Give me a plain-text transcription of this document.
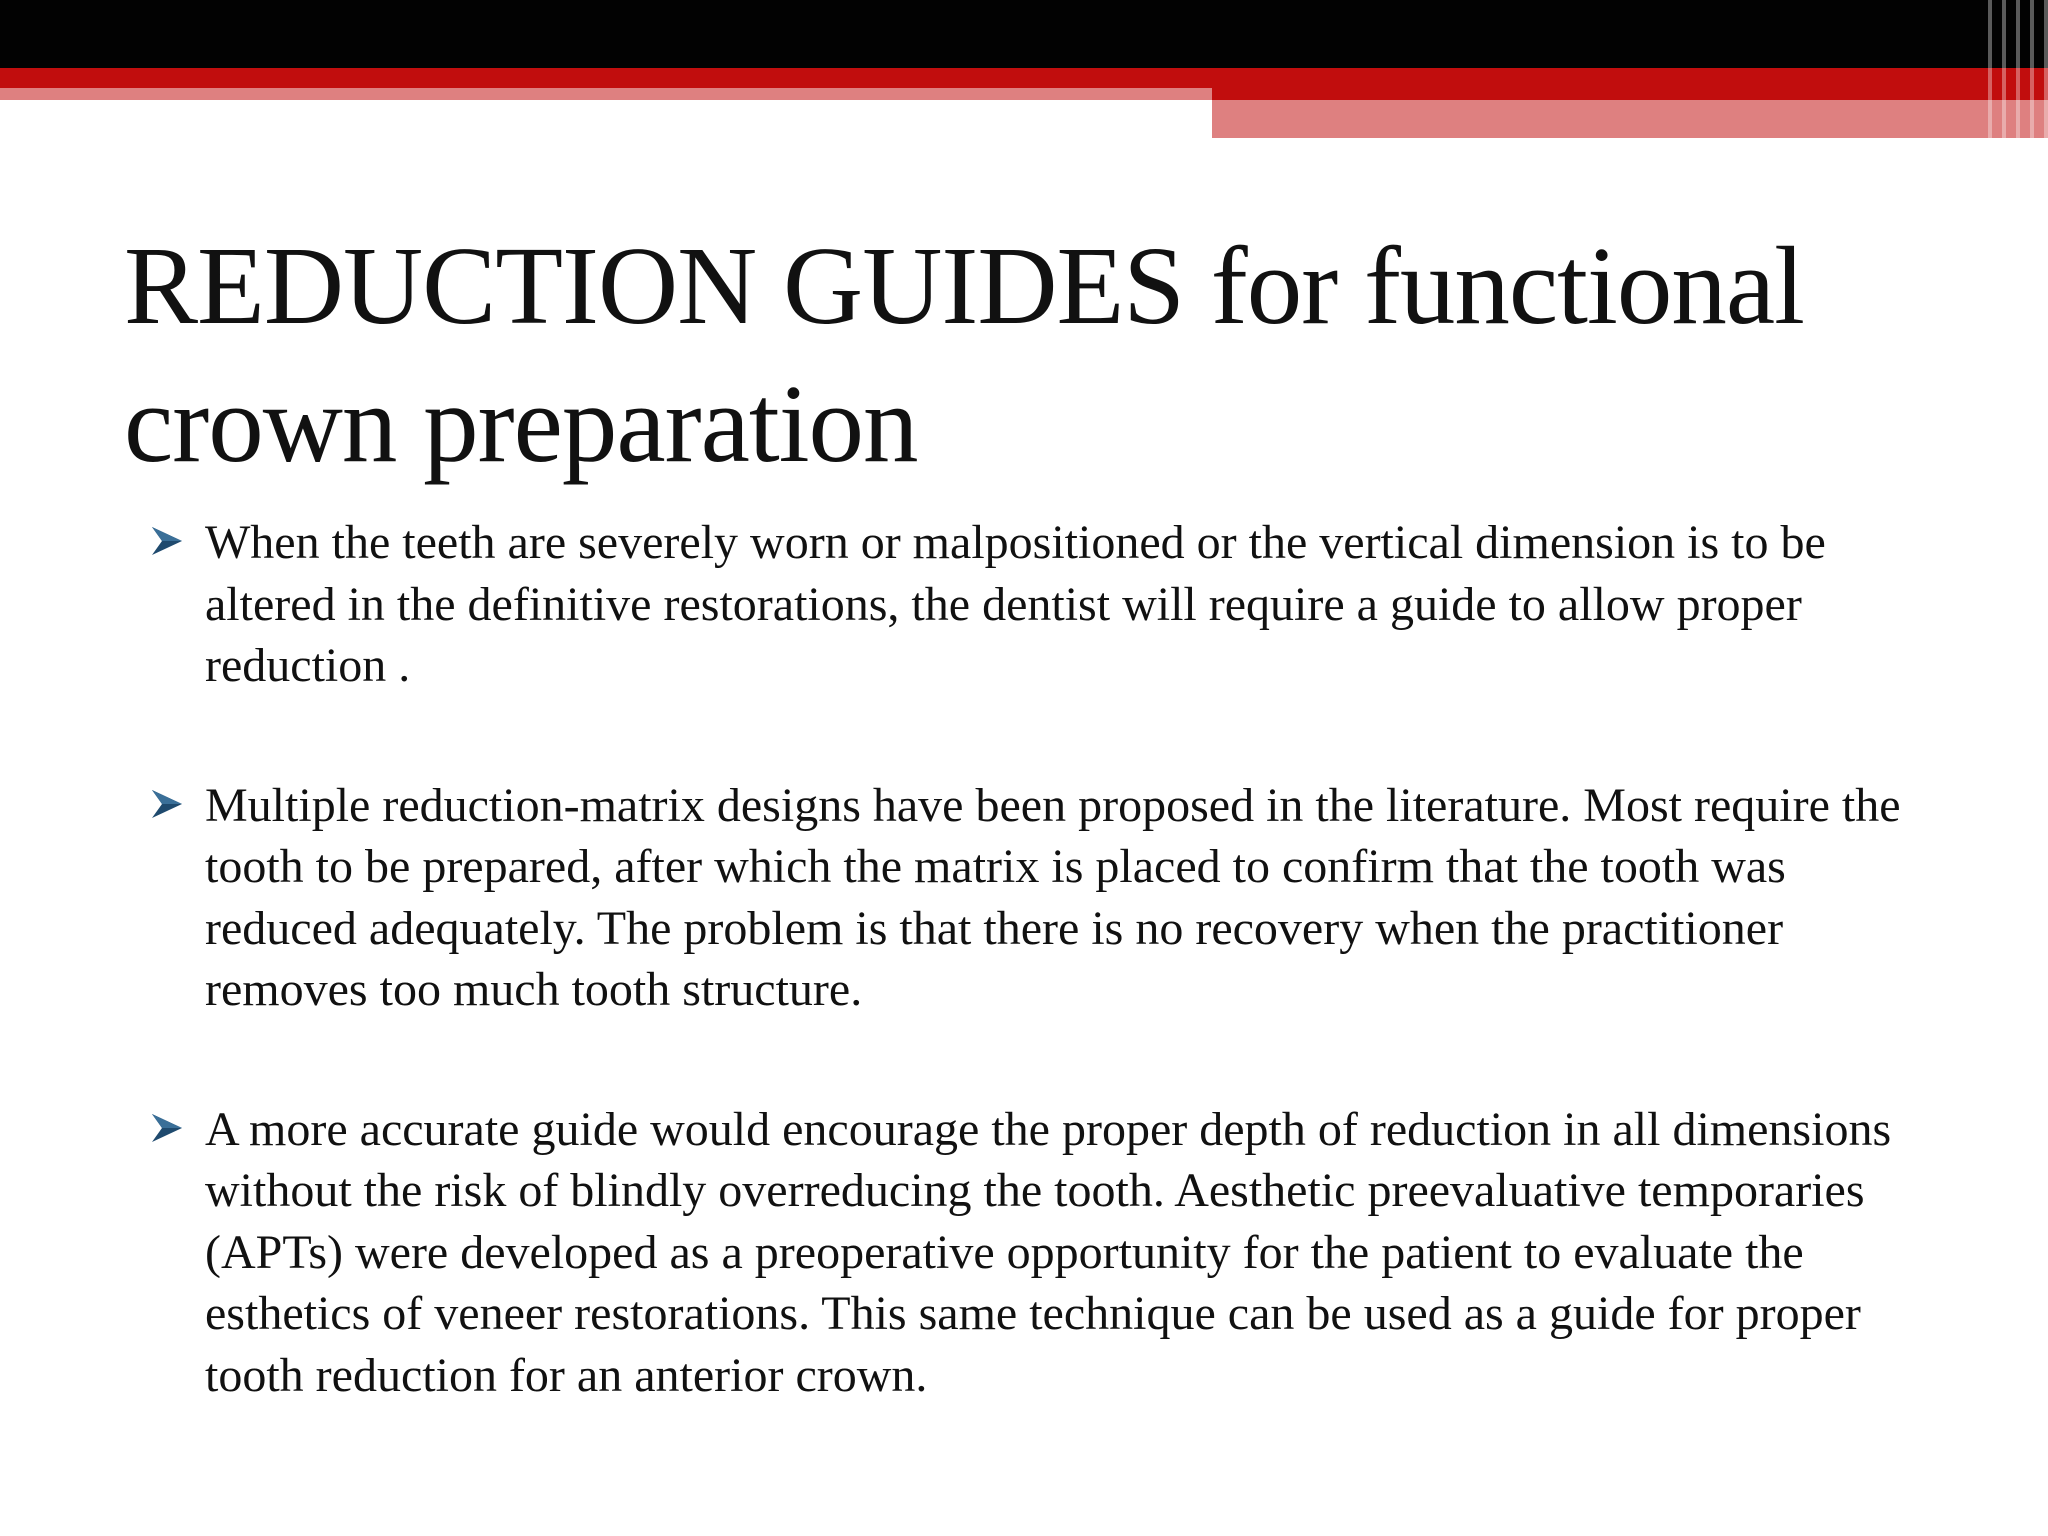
REDUCTION GUIDES for functional crown preparation
When the teeth are severely worn or malpositioned or the vertical dimension is to be altered in the definitive restorations, the dentist will require a guide to allow proper reduction .
Multiple reduction-matrix designs have been proposed in the literature. Most require the tooth to be prepared, after which the matrix is placed to confirm that the tooth was reduced adequately. The problem is that there is no recovery when the practitioner removes too much tooth structure.
A more accurate guide would encourage the proper depth of reduction in all dimensions without the risk of blindly overreducing the tooth. Aesthetic preevaluative temporaries (APTs) were developed as a preoperative opportunity for the patient to evaluate the esthetics of veneer restorations. This same technique can be used as a guide for proper tooth reduction for an anterior crown.
